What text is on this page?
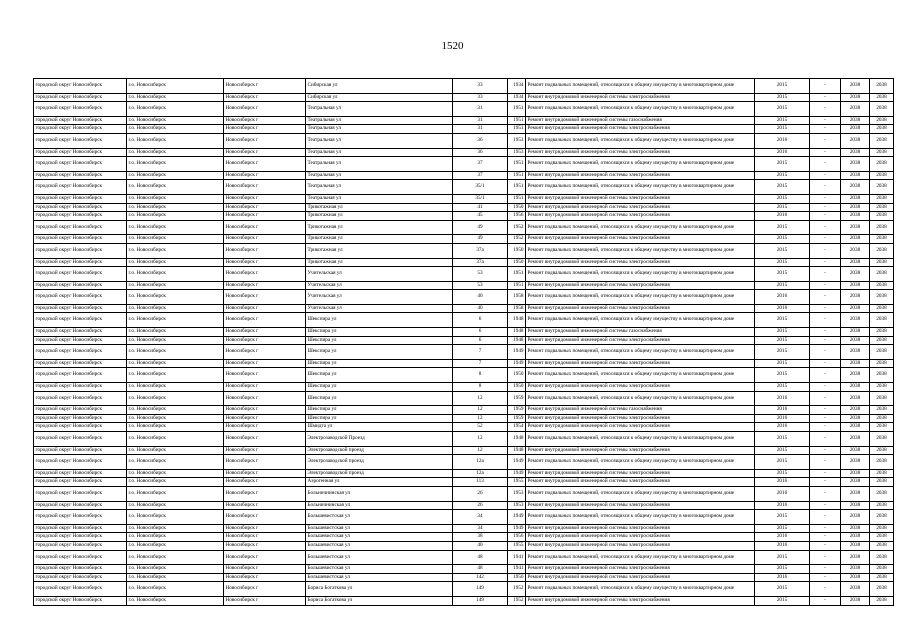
1520
городской округ Новосибирск	г.о. Новосибирск	Новосибирск г	Сибирская ул	33	1934	Ремонт подвальных помещений, относящихся к общему имуществу в многоквартирном доме	2015	-	2038	2038
городской округ Новосибирск	г.о. Новосибирск	Новосибирск г	Сибирская ул	33	1934	Ремонт внутридомовой инженерной системы электроснабжения	2015	-	2038	2038
городской округ Новосибирск	г.о. Новосибирск	Новосибирск г	Театральная ул	31	1951	Ремонт подвальных помещений, относящихся к общему имуществу в многоквартирном доме	2015	-	2038	2038
городской округ Новосибирск	г.о. Новосибирск	Новосибирск г	Театральная ул	31	1951	Ремонт внутридомовой инженерной системы газоснабжения	2015	-	2038	2038
городской округ Новосибирск	г.о. Новосибирск	Новосибирск г	Театральная ул	31	1951	Ремонт внутридомовой инженерной системы электроснабжения	2015	-	2038	2038
городской округ Новосибирск	г.о. Новосибирск	Новосибирск г	Театральная ул	36	1953	Ремонт подвальных помещений, относящихся к общему имуществу в многоквартирном доме	2016	-	2038	2038
городской округ Новосибирск	г.о. Новосибирск	Новосибирск г	Театральная ул	36	1953	Ремонт внутридомовой инженерной системы электроснабжения	2016	-	2038	2038
городской округ Новосибирск	г.о. Новосибирск	Новосибирск г	Театральная ул	37	1951	Ремонт подвальных помещений, относящихся к общему имуществу в многоквартирном доме	2015	-	2038	2038
городской округ Новосибирск	г.о. Новосибирск	Новосибирск г	Театральная ул	37	1951	Ремонт внутридомовой инженерной системы электроснабжения	2015	-	2038	2038
городской округ Новосибирск	г.о. Новосибирск	Новосибирск г	Театральная ул	35/1	1951	Ремонт подвальных помещений, относящихся к общему имуществу в многоквартирном доме	2015	-	2038	2038
городской округ Новосибирск	г.о. Новосибирск	Новосибирск г	Театральная ул	35/1	1951	Ремонт внутридомовой инженерной системы электроснабжения	2015	-	2038	2038
городской округ Новосибирск	г.о. Новосибирск	Новосибирск г	Трикотажная ул	41	1950	Ремонт внутридомовой инженерной системы электроснабжения	2015	-	2038	2038
городской округ Новосибирск	г.о. Новосибирск	Новосибирск г	Трикотажная ул	45	1956	Ремонт внутридомовой инженерной системы электроснабжения	2016	-	2038	2038
городской округ Новосибирск	г.о. Новосибирск	Новосибирск г	Трикотажная ул	49	1952	Ремонт подвальных помещений, относящихся к общему имуществу в многоквартирном доме	2015	-	2038	2038
городской округ Новосибирск	г.о. Новосибирск	Новосибирск г	Трикотажная ул	49	1952	Ремонт внутридомовой инженерной системы электроснабжения	2015	-	2038	2038
городской округ Новосибирск	г.о. Новосибирск	Новосибирск г	Трикотажная ул	37а	1950	Ремонт подвальных помещений, относящихся к общему имуществу в многоквартирном доме	2015	-	2038	2038
городской округ Новосибирск	г.о. Новосибирск	Новосибирск г	Трикотажная ул	37а	1950	Ремонт внутридомовой инженерной системы электроснабжения	2015	-	2038	2038
городской округ Новосибирск	г.о. Новосибирск	Новосибирск г	Учительская ул	53	1951	Ремонт подвальных помещений, относящихся к общему имуществу в многоквартирном доме	2015	-	2038	2038
городской округ Новосибирск	г.о. Новосибирск	Новосибирск г	Учительская ул	53	1951	Ремонт внутридомовой инженерной системы электроснабжения	2015	-	2038	2038
городской округ Новосибирск	г.о. Новосибирск	Новосибирск г	Учительская ул	40	1958	Ремонт подвальных помещений, относящихся к общему имуществу в многоквартирном доме	2016	-	2038	2038
городской округ Новосибирск	г.о. Новосибирск	Новосибирск г	Учительская ул	40	1958	Ремонт внутридомовой инженерной системы электроснабжения	2016	-	2038	2038
городской округ Новосибирск	г.о. Новосибирск	Новосибирск г	Шекспира ул	6	1948	Ремонт подвальных помещений, относящихся к общему имуществу в многоквартирном доме	2015	-	2038	2038
городской округ Новосибирск	г.о. Новосибирск	Новосибирск г	Шекспира ул	6	1948	Ремонт внутридомовой инженерной системы газоснабжения	2015	-	2038	2038
городской округ Новосибирск	г.о. Новосибирск	Новосибирск г	Шекспира ул	6	1948	Ремонт внутридомовой инженерной системы электроснабжения	2015	-	2038	2038
городской округ Новосибирск	г.о. Новосибирск	Новосибирск г	Шекспира ул	7	1949	Ремонт подвальных помещений, относящихся к общему имуществу в многоквартирном доме	2015	-	2038	2038
городской округ Новосибирск	г.о. Новосибирск	Новосибирск г	Шекспира ул	7	1949	Ремонт внутридомовой инженерной системы электроснабжения	2015	-	2038	2038
городской округ Новосибирск	г.о. Новосибирск	Новосибирск г	Шекспира ул	8	1950	Ремонт подвальных помещений, относящихся к общему имуществу в многоквартирном доме	2015	-	2038	2038
городской округ Новосибирск	г.о. Новосибирск	Новосибирск г	Шекспира ул	8	1950	Ремонт внутридомовой инженерной системы электроснабжения	2015	-	2038	2038
городской округ Новосибирск	г.о. Новосибирск	Новосибирск г	Шекспира ул	12	1959	Ремонт подвальных помещений, относящихся к общему имуществу в многоквартирном доме	2016	-	2038	2038
городской округ Новосибирск	г.о. Новосибирск	Новосибирск г	Шекспира ул	12	1959	Ремонт внутридомовой инженерной системы газоснабжения	2016	-	2038	2038
городской округ Новосибирск	г.о. Новосибирск	Новосибирск г	Шекспира ул	12	1959	Ремонт внутридомовой инженерной системы электроснабжения	2016	-	2038	2038
городской округ Новосибирск	г.о. Новосибирск	Новосибирск г	Шмидта ул	52	1954	Ремонт внутридомовой инженерной системы электроснабжения	2016	-	2038	2038
городской округ Новосибирск	г.о. Новосибирск	Новосибирск г	Электрозаводской Проезд	12	1948	Ремонт подвальных помещений, относящихся к общему имуществу в многоквартирном доме	2015	-	2038	2038
городской округ Новосибирск	г.о. Новосибирск	Новосибирск г	Электрозаводской проезд	12	1948	Ремонт внутридомовой инженерной системы электроснабжения	2015	-	2038	2038
городской округ Новосибирск	г.о. Новосибирск	Новосибирск г	Электрозаводской проезд	12а	1949	Ремонт подвальных помещений, относящихся к общему имуществу в многоквартирном доме	2015	-	2038	2038
городской округ Новосибирск	г.о. Новосибирск	Новосибирск г	Электрозаводской проезд	12а	1949	Ремонт внутридомовой инженерной системы электроснабжения	2015	-	2038	2038
городской округ Новосибирск	г.о. Новосибирск	Новосибирск г	Аэрогенная ул	113	1955	Ремонт внутридомовой инженерной системы электроснабжения	2016	-	2038	2038
городской округ Новосибирск	г.о. Новосибирск	Новосибирск г	Больничнинская ул	26	1953	Ремонт подвальных помещений, относящихся к общему имуществу в многоквартирном доме	2016	-	2038	2038
городской округ Новосибирск	г.о. Новосибирск	Новосибирск г	Больничнинская ул	26	1953	Ремонт внутридомовой инженерной системы электроснабжения	2016	-	2038	2038
городской округ Новосибирск	г.о. Новосибирск	Новосибирск г	Большевистская ул	34	1949	Ремонт подвальных помещений, относящихся к общему имуществу в многоквартирном доме	2015	-	2038	2038
городской округ Новосибирск	г.о. Новосибирск	Новосибирск г	Большевистская ул	34	1949	Ремонт внутридомовой инженерной системы электроснабжения	2015	-	2038	2038
городской округ Новосибирск	г.о. Новосибирск	Новосибирск г	Большевистская ул	38	1956	Ремонт внутридомовой инженерной системы электроснабжения	2016	-	2038	2038
городской округ Новосибирск	г.о. Новосибирск	Новосибирск г	Большевистская ул	40	1955	Ремонт внутридомовой инженерной системы электроснабжения	2016	-	2038	2038
городской округ Новосибирск	г.о. Новосибирск	Новосибирск г	Большевистская ул	48	1941	Ремонт подвальных помещений, относящихся к общему имуществу в многоквартирном доме	2015	-	2038	2038
городской округ Новосибирск	г.о. Новосибирск	Новосибирск г	Большевистская ул	48	1941	Ремонт внутридомовой инженерной системы электроснабжения	2015	-	2038	2038
городской округ Новосибирск	г.о. Новосибирск	Новосибирск г	Большевистская ул	142	1956	Ремонт внутридомовой инженерной системы электроснабжения	2016	-	2038	2038
городской округ Новосибирск	г.о. Новосибирск	Новосибирск г	Бориса Богаткова ул	149	1952	Ремонт подвальных помещений, относящихся к общему имуществу в многоквартирном доме	2015	-	2038	2038
городской округ Новосибирск	г.о. Новосибирск	Новосибирск г	Бориса Богаткова ул	149	1952	Ремонт внутридомовой инженерной системы электроснабжения	2015	-	2038	2038
